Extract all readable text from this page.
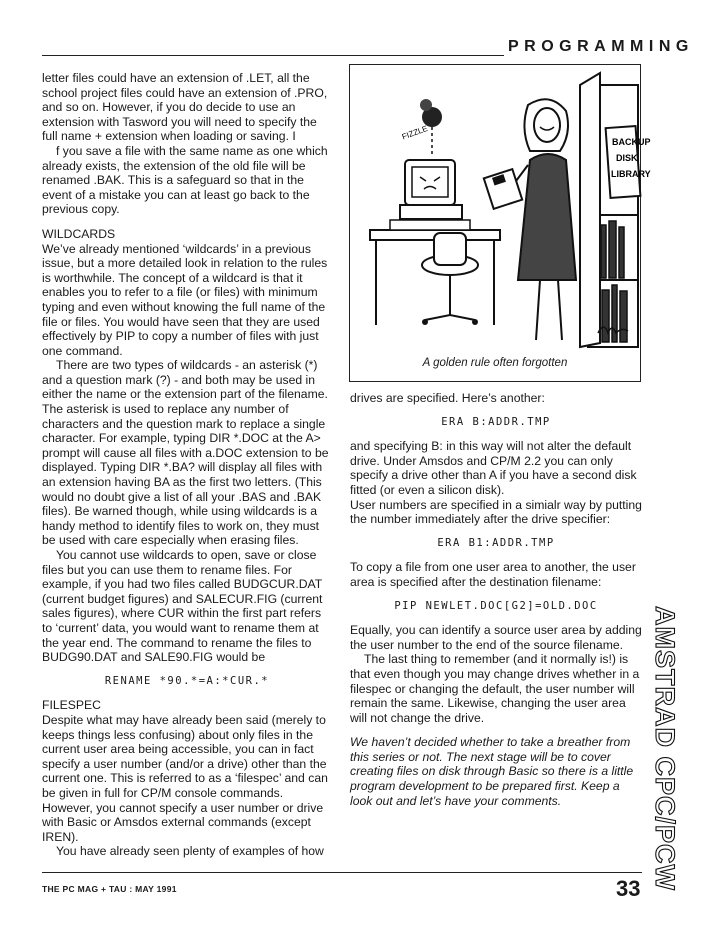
PROGRAMMING

letter files could have an extension of .LET, all the school project files could have an extension of .PRO, and so on. However, if you do decide to use an extension with Tasword you will need to specify the full name + extension when loading or saving. I

f you save a file with the same name as one which already exists, the extension of the old file will be renamed .BAK. This is a safeguard so that in the event of a mistake you can at least go back to the previous copy.

WILDCARDS

We’ve already mentioned ‘wildcards’ in a previous issue, but a more detailed look in relation to the rules is worthwhile. The concept of a wildcard is that it enables you to refer to a file (or files) with minimum typing and even without knowing the full name of the file or files. You would have seen that they are used effectively by PIP to copy a number of files with just one command.

There are two types of wildcards - an asterisk (*) and a question mark (?) - and both may be used in either the name or the extension part of the filename. The asterisk is used to replace any number of characters and the question mark to replace a single character. For example, typing DIR *.DOC at the A> prompt will cause all files with a.DOC extension to be displayed. Typing DIR *.BA? will display all files with an extension having BA as the first two letters. (This would no doubt give a list of all your .BAS and .BAK files). Be warned though, while using wildcards is a handy method to identify files to work on, they must be used with care especially when erasing files.

You cannot use wildcards to open, save or close files but you can use them to rename files. For example, if you had two files called BUDGCUR.DAT (current budget figures) and SALECUR.FIG (current sales figures), where CUR within the first part refers to ‘current’ data, you would want to rename them at the year end. The command to rename the files to BUDG90.DAT and SALE90.FIG would be

RENAME *90.*=A:*CUR.*

FILESPEC

Despite what may have already been said (merely to keeps things less confusing) about only files in the current user area being accessible, you can in fact specify a user number (and/or a drive) other than the current one. This is referred to as a ‘filespec’ and can be given in full for CP/M console commands. However, you cannot specify a user number or drive with Basic or Amsdos external commands (except IREN).

You have already seen plenty of examples of how

BACKUP
DISK
LIBRARY
FIZZLE
A golden rule often forgotten

drives are specified. Here’s another:

ERA B:ADDR.TMP

and specifying B: in this way will not alter the default drive. Under Amsdos and CP/M 2.2 you can only specify a drive other than A if you have a second disk fitted (or even a silicon disk).

User numbers are specified in a simialr way by putting the number immediately after the drive specifier:

ERA B1:ADDR.TMP

To copy a file from one user area to another, the user area is specified after the destination filename:

PIP NEWLET.DOC[G2]=OLD.DOC

Equally, you can identify a source user area by adding the user number to the end of the source filename.

The last thing to remember (and it normally is!) is that even though you may change drives whether in a filespec or changing the default, the user number will remain the same. Likewise, changing the user area will not change the drive.

We haven’t decided whether to take a breather from this series or not. The next stage will be to cover creating files on disk through Basic so there is a little program development to be prepared first. Keep a look out and let’s have your comments.	AMSTRAD CPC/PCW
THE PC MAG + TAU : MAY 1991	33
